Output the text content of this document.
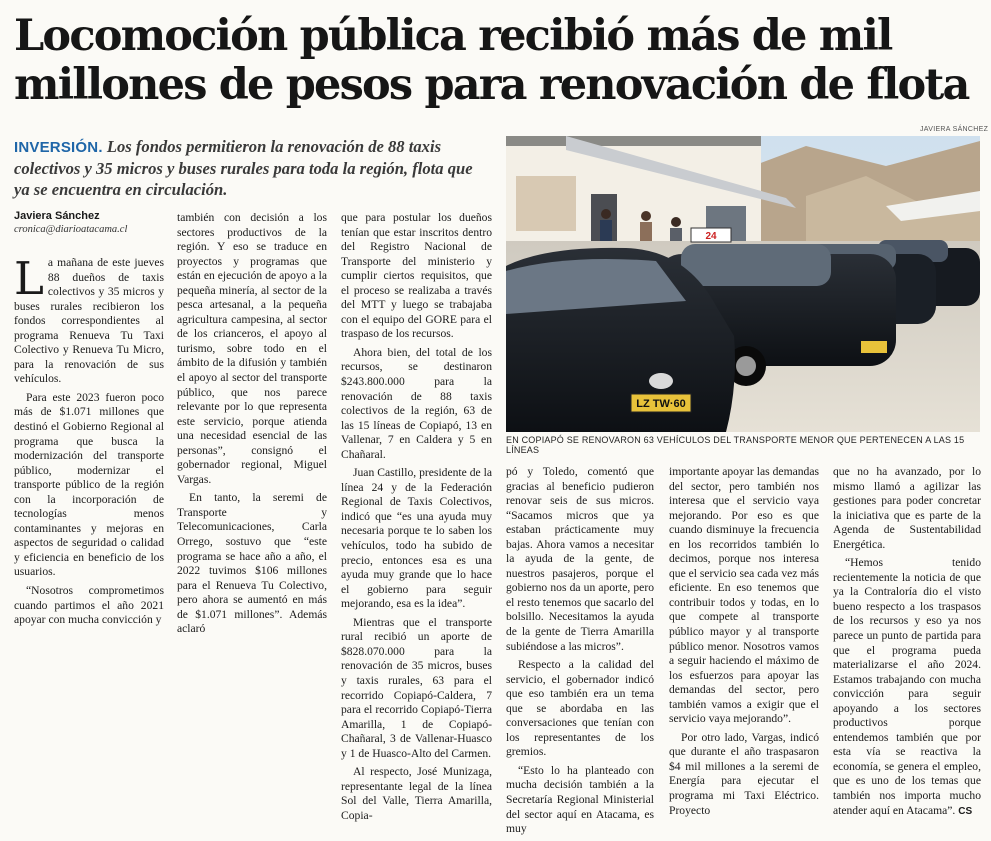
Locomoción pública recibió más de mil millones de pesos para renovación de flota

INVERSIÓN. Los fondos permitieron la renovación de 88 taxis colectivos y 35 micros y buses rurales para toda la región, flota que ya se encuentra en circulación.

Javiera Sánchez
cronica@diarioatacama.cl
JAVIERA SÁNCHEZ
24
LZ TW·60
EN COPIAPÓ SE RENOVARON 63 VEHÍCULOS DEL TRANSPORTE MENOR QUE PERTENECEN A LAS 15 LÍNEAS

La mañana de este jueves 88 dueños de taxis colectivos y 35 micros y buses rurales recibieron los fondos correspondientes al programa Renueva Tu Taxi Colectivo y Renueva Tu Micro, para la renovación de sus vehículos.

Para este 2023 fueron poco más de $1.071 millones que destinó el Gobierno Regional al programa que busca la modernización del transporte público, modernizar el transporte público de la región con la incorporación de tecnologías menos contaminantes y mejoras en aspectos de seguridad o calidad y eficiencia en beneficio de los usuarios.

“Nosotros comprometimos cuando partimos el año 2021 apoyar con mucha convicción y

también con decisión a los sectores productivos de la región. Y eso se traduce en proyectos y programas que están en ejecución de apoyo a la pequeña minería, al sector de la pesca artesanal, a la pequeña agricultura campesina, al sector de los crianceros, el apoyo al turismo, sobre todo en el ámbito de la difusión y también el apoyo al sector del transporte público, que nos parece relevante por lo que representa este servicio, porque atienda una necesidad esencial de las personas”, consignó el gobernador regional, Miguel Vargas.

En tanto, la seremi de Transporte y Telecomunicaciones, Carla Orrego, sostuvo que “este programa se hace año a año, el 2022 tuvimos $106 millones para el Renueva Tu Colectivo, pero ahora se aumentó en más de $1.071 millones”. Además aclaró

que para postular los dueños tenían que estar inscritos dentro del Registro Nacional de Transporte del ministerio y cumplir ciertos requisitos, que el proceso se realizaba a través del MTT y luego se trabajaba con el equipo del GORE para el traspaso de los recursos.

Ahora bien, del total de los recursos, se destinaron $243.800.000 para la renovación de 88 taxis colectivos de la región, 63 de las 15 líneas de Copiapó, 13 en Vallenar, 7 en Caldera y 5 en Chañaral.

Juan Castillo, presidente de la línea 24 y de la Federación Regional de Taxis Colectivos, indicó que “es una ayuda muy necesaria porque te lo saben los vehículos, todo ha subido de precio, entonces esa es una ayuda muy grande que lo hace el gobierno para seguir mejorando, esa es la idea”.

Mientras que el transporte rural recibió un aporte de $828.070.000 para la renovación de 35 micros, buses y taxis rurales, 63 para el recorrido Copiapó-Caldera, 7 para el recorrido Copiapó-Tierra Amarilla, 1 de Copiapó-Chañaral, 3 de Vallenar-Huasco y 1 de Huasco-Alto del Carmen.

Al respecto, José Munizaga, representante legal de la línea Sol del Valle, Tierra Amarilla, Copia-

pó y Toledo, comentó que gracias al beneficio pudieron renovar seis de sus micros. “Sacamos micros que ya estaban prácticamente muy bajas. Ahora vamos a necesitar la ayuda de la gente, de nuestros pasajeros, porque el gobierno nos da un aporte, pero el resto tenemos que sacarlo del bolsillo. Necesitamos la ayuda de la gente de Tierra Amarilla subiéndose a las micros”.

Respecto a la calidad del servicio, el gobernador indicó que eso también era un tema que se abordaba en las conversaciones que tenían con los representantes de los gremios.

“Esto lo ha planteado con mucha decisión también a la Secretaría Regional Ministerial del sector aquí en Atacama, es muy

importante apoyar las demandas del sector, pero también nos interesa que el servicio vaya mejorando. Por eso es que cuando disminuye la frecuencia en los recorridos también lo decimos, porque nos interesa que el servicio sea cada vez más eficiente. En eso tenemos que contribuir todos y todas, en lo que compete al transporte público mayor y al transporte público menor. Nosotros vamos a seguir haciendo el máximo de los esfuerzos para apoyar las demandas del sector, pero también vamos a exigir que el servicio vaya mejorando”.

Por otro lado, Vargas, indicó que durante el año traspasaron $4 mil millones a la seremi de Energía para ejecutar el programa mi Taxi Eléctrico. Proyecto

que no ha avanzado, por lo mismo llamó a agilizar las gestiones para poder concretar la iniciativa que es parte de la Agenda de Sustentabilidad Energética.

“Hemos tenido recientemente la noticia de que ya la Contraloría dio el visto bueno respecto a los traspasos de los recursos y eso ya nos parece un punto de partida para que el programa pueda materializarse el año 2024. Estamos trabajando con mucha convicción para seguir apoyando a los sectores productivos porque entendemos también que por esta vía se reactiva la economía, se genera el empleo, que es uno de los temas que también nos importa mucho atender aquí en Atacama”. CS
